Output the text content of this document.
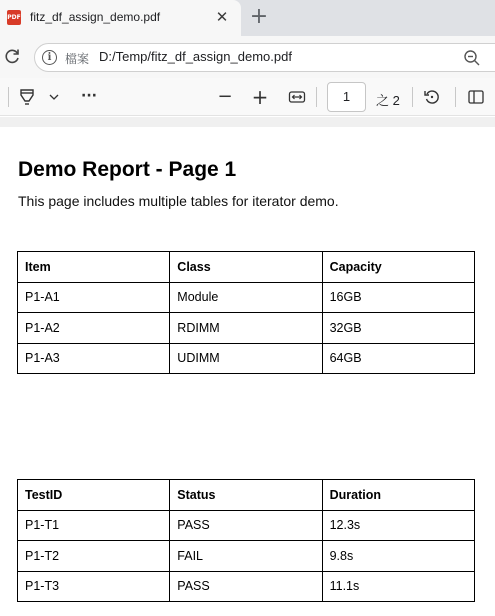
PDF fitz_df_assign_demo.pdf	✕ +
i	檔案 D:/Temp/fitz_df_assign_demo.pdf
···	− +	1	之 2
Demo Report - Page 1
This page includes multiple tables for iterator demo.
Item	Class	Capacity
P1-A1	Module	16GB
P1-A2	RDIMM	32GB
P1-A3	UDIMM	64GB
TestID	Status	Duration
P1-T1	PASS	12.3s
P1-T2	FAIL	9.8s
P1-T3	PASS	11.1s
